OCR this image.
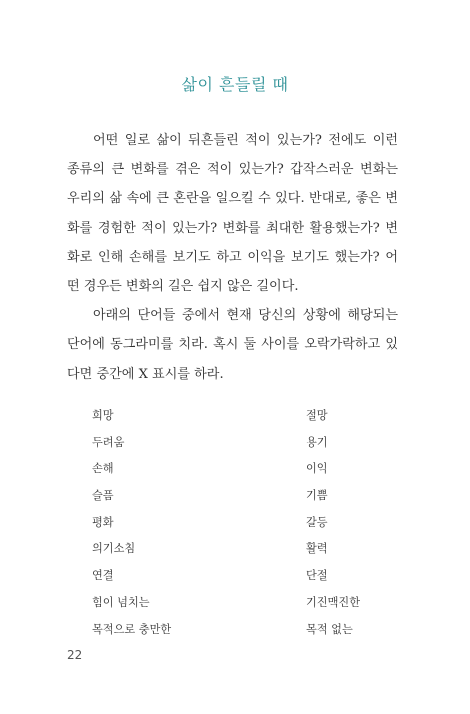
삶이 흔들릴 때

어떤 일로 삶이 뒤흔들린 적이 있는가? 전에도 이런 종류의 큰 변화를 겪은 적이 있는가? 갑작스러운 변화는 우리의 삶 속에 큰 혼란을 일으킬 수 있다. 반대로, 좋은 변화를 경험한 적이 있는가? 변화를 최대한 활용했는가? 변화로 인해 손해를 보기도 하고 이익을 보기도 했는가? 어떤 경우든 변화의 길은 쉽지 않은 길이다.

아래의 단어들 중에서 현재 당신의 상황에 해당되는 단어에 동그라미를 치라. 혹시 둘 사이를 오락가락하고 있다면 중간에 X 표시를 하라.

희망	절망
두려움	용기
손해	이익
슬픔	기쁨
평화	갈등
의기소침	활력
연결	단절
힘이 넘치는	기진맥진한
목적으로 충만한	목적 없는
22
